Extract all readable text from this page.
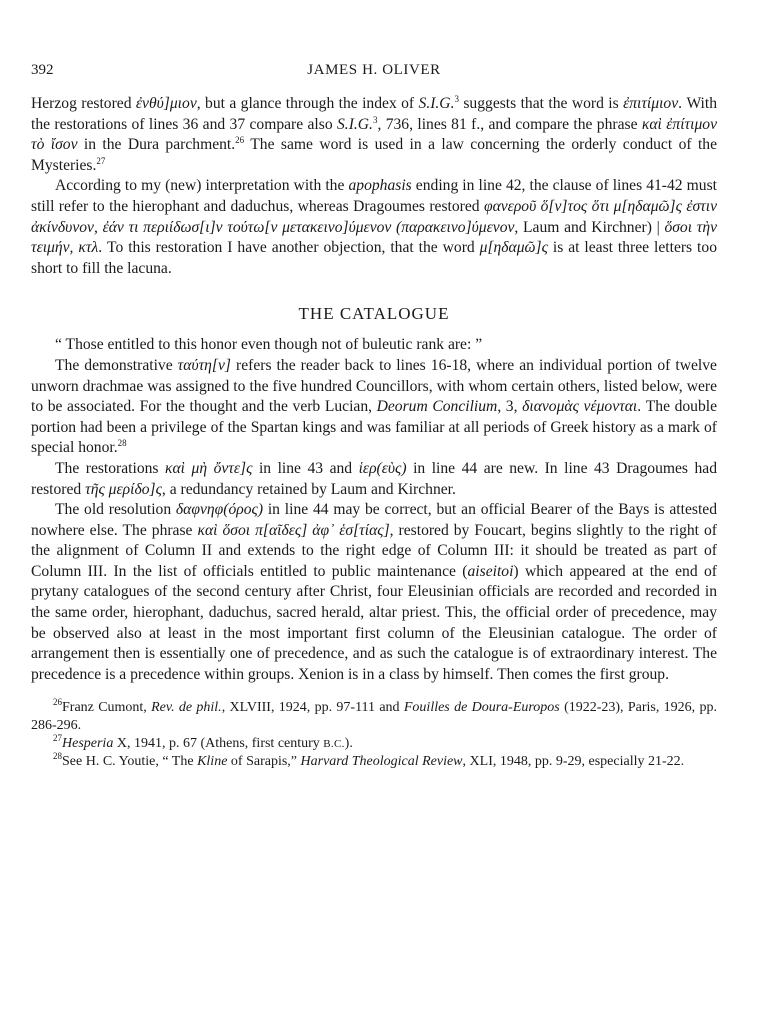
392	JAMES H. OLIVER

Herzog restored ἐνθύ]μιον, but a glance through the index of S.I.G.$^3$ suggests that the word is ἐπιτίμιον. With the restorations of lines 36 and 37 compare also S.I.G.$^3$, 736, lines 81 f., and compare the phrase καὶ ἐπίτιμον τὸ ἴσον in the Dura parchment.$^{26}$ The same word is used in a law concerning the orderly conduct of the Mysteries.$^{27}$

According to my (new) interpretation with the apophasis ending in line 42, the clause of lines 41-42 must still refer to the hierophant and daduchus, whereas Dragoumes restored φανεροῦ ὅ[ν]τος ὅτι μ[ηδαμῶ]ς ἐστιν ἀκίνδυνον, ἐάν τι περιίδωσ[ι]ν τούτω[ν μετακεινο]ύμενον (παρακεινο]ύμενον, Laum and Kirchner) | ὅσοι τὴν τειμήν, κτλ. To this restoration I have another objection, that the word μ[ηδαμῶ]ς is at least three letters too short to fill the lacuna.

THE CATALOGUE

“ Those entitled to this honor even though not of buleutic rank are: ”

The demonstrative ταύτη[ν] refers the reader back to lines 16-18, where an individual portion of twelve unworn drachmae was assigned to the five hundred Councillors, with whom certain others, listed below, were to be associated. For the thought and the verb Lucian, Deorum Concilium, 3, διανομὰς νέμονται. The double portion had been a privilege of the Spartan kings and was familiar at all periods of Greek history as a mark of special honor.$^{28}$

The restorations καὶ μὴ ὄντε]ς in line 43 and ἱερ(εὺς) in line 44 are new. In line 43 Dragoumes had restored τῆς μερίδο]ς, a redundancy retained by Laum and Kirchner.

The old resolution δαφνηφ(όρος) in line 44 may be correct, but an official Bearer of the Bays is attested nowhere else. The phrase καὶ ὅσοι π[αῖδες] ἀφ᾽ ἑσ[τίας], restored by Foucart, begins slightly to the right of the alignment of Column II and extends to the right edge of Column III: it should be treated as part of Column III. In the list of officials entitled to public maintenance (aiseitoi) which appeared at the end of prytany catalogues of the second century after Christ, four Eleusinian officials are recorded and recorded in the same order, hierophant, daduchus, sacred herald, altar priest. This, the official order of precedence, may be observed also at least in the most important first column of the Eleusinian catalogue. The order of arrangement then is essentially one of precedence, and as such the catalogue is of extraordinary interest. The precedence is a precedence within groups. Xenion is in a class by himself. Then comes the first group.

$^{26}$Franz Cumont, Rev. de phil., XLVIII, 1924, pp. 97-111 and Fouilles de Doura-Europos (1922-23), Paris, 1926, pp. 286-296.

$^{27}$Hesperia X, 1941, p. 67 (Athens, first century B.C.).

$^{28}$See H. C. Youtie, “ The Kline of Sarapis,” Harvard Theological Review, XLI, 1948, pp. 9-29, especially 21-22.
